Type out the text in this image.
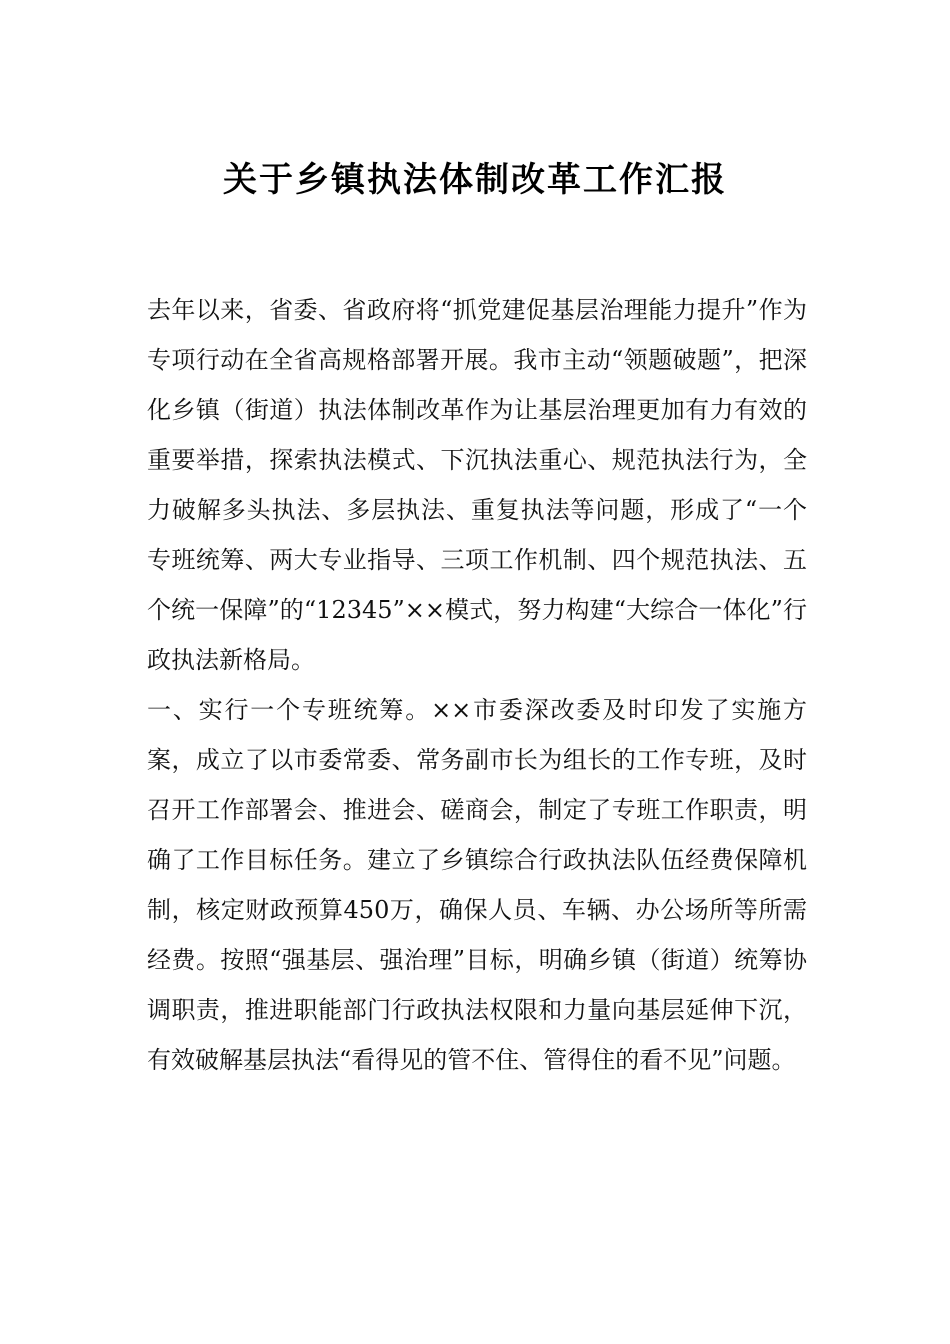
关于乡镇执法体制改革工作汇报

去年以来，省委、省政府将“抓党建促基层治理能力提升”作为专项行动在全省高规格部署开展。我市主动“领题破题”，把深化乡镇（街道）执法体制改革作为让基层治理更加有力有效的重要举措，探索执法模式、下沉执法重心、规范执法行为，全力破解多头执法、多层执法、重复执法等问题，形成了“一个专班统筹、两大专业指导、三项工作机制、四个规范执法、五个统一保障”的“12345”××模式，努力构建“大综合一体化”行政执法新格局。

一、实行一个专班统筹。××市委深改委及时印发了实施方案，成立了以市委常委、常务副市长为组长的工作专班，及时召开工作部署会、推进会、磋商会，制定了专班工作职责，明确了工作目标任务。建立了乡镇综合行政执法队伍经费保障机制，核定财政预算450万，确保人员、车辆、办公场所等所需经费。按照“强基层、强治理”目标，明确乡镇（街道）统筹协调职责，推进职能部门行政执法权限和力量向基层延伸下沉，有效破解基层执法“看得见的管不住、管得住的看不见”问题。
